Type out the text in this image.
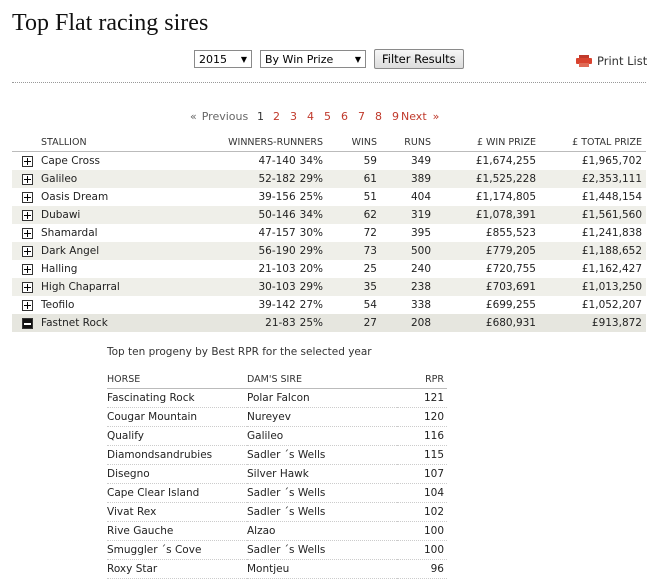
Top Flat racing sires
2015 ▼ By Win Prize	▼	Filter Results	Print List
« Previous 1 2 3 4 5 6 7 8 9 Next »
	STALLION	WINNERS-RUNNERS	WINS	RUNS	£ WIN PRIZE	£ TOTAL PRIZE
	Cape Cross	47-140 34%	59	349	£1,674,255	£1,965,702
	Galileo	52-182 29%	61	389	£1,525,228	£2,353,111
	Oasis Dream	39-156 25%	51	404	£1,174,805	£1,448,154
	Dubawi	50-146 34%	62	319	£1,078,391	£1,561,560
	Shamardal	47-157 30%	72	395	£855,523	£1,241,838
	Dark Angel	56-190 29%	73	500	£779,205	£1,188,652
	Halling	21-103 20%	25	240	£720,755	£1,162,427
	High Chaparral	30-103 29%	35	238	£703,691	£1,013,250
	Teofilo	39-142 27%	54	338	£699,255	£1,052,207
	Fastnet Rock	21-83 25%	27	208	£680,931	£913,872
Top ten progeny by Best RPR for the selected year
HORSE	DAM'S SIRE	RPR
Fascinating Rock	Polar Falcon	121
Cougar Mountain	Nureyev	120
Qualify	Galileo	116
Diamondsandrubies	Sadler ´s Wells	115
Disegno	Silver Hawk	107
Cape Clear Island	Sadler ´s Wells	104
Vivat Rex	Sadler ´s Wells	102
Rive Gauche	Alzao	100
Smuggler ´s Cove	Sadler ´s Wells	100
Roxy Star	Montjeu	96
